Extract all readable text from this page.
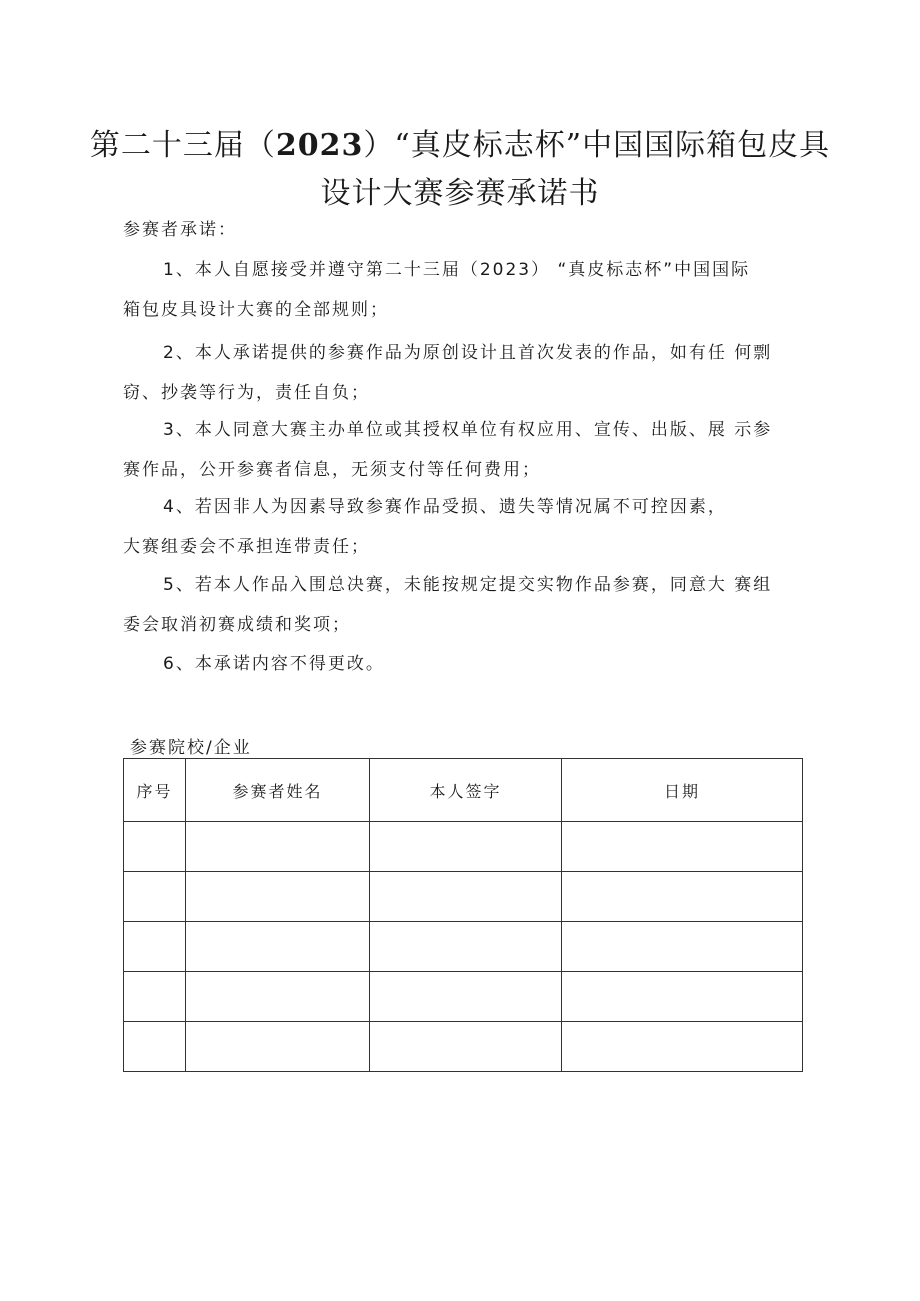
第二十三届（2023）“真皮标志杯”中国国际箱包皮具
设计大赛参赛承诺书
参赛者承诺：
1、本人自愿接受并遵守第二十三届（2023） “真皮标志杯”中国国际
箱包皮具设计大赛的全部规则；
2、本人承诺提供的参赛作品为原创设计且首次发表的作品，如有任 何剽
窃、抄袭等行为，责任自负；
3、本人同意大赛主办单位或其授权单位有权应用、宣传、出版、展 示参
赛作品，公开参赛者信息，无须支付等任何费用；
4、若因非人为因素导致参赛作品受损、遗失等情况属不可控因素，
大赛组委会不承担连带责任；
5、若本人作品入围总决赛，未能按规定提交实物作品参赛，同意大 赛组
委会取消初赛成绩和奖项；
6、本承诺内容不得更改。
参赛院校/企业
序号	参赛者姓名	本人签字	日期
